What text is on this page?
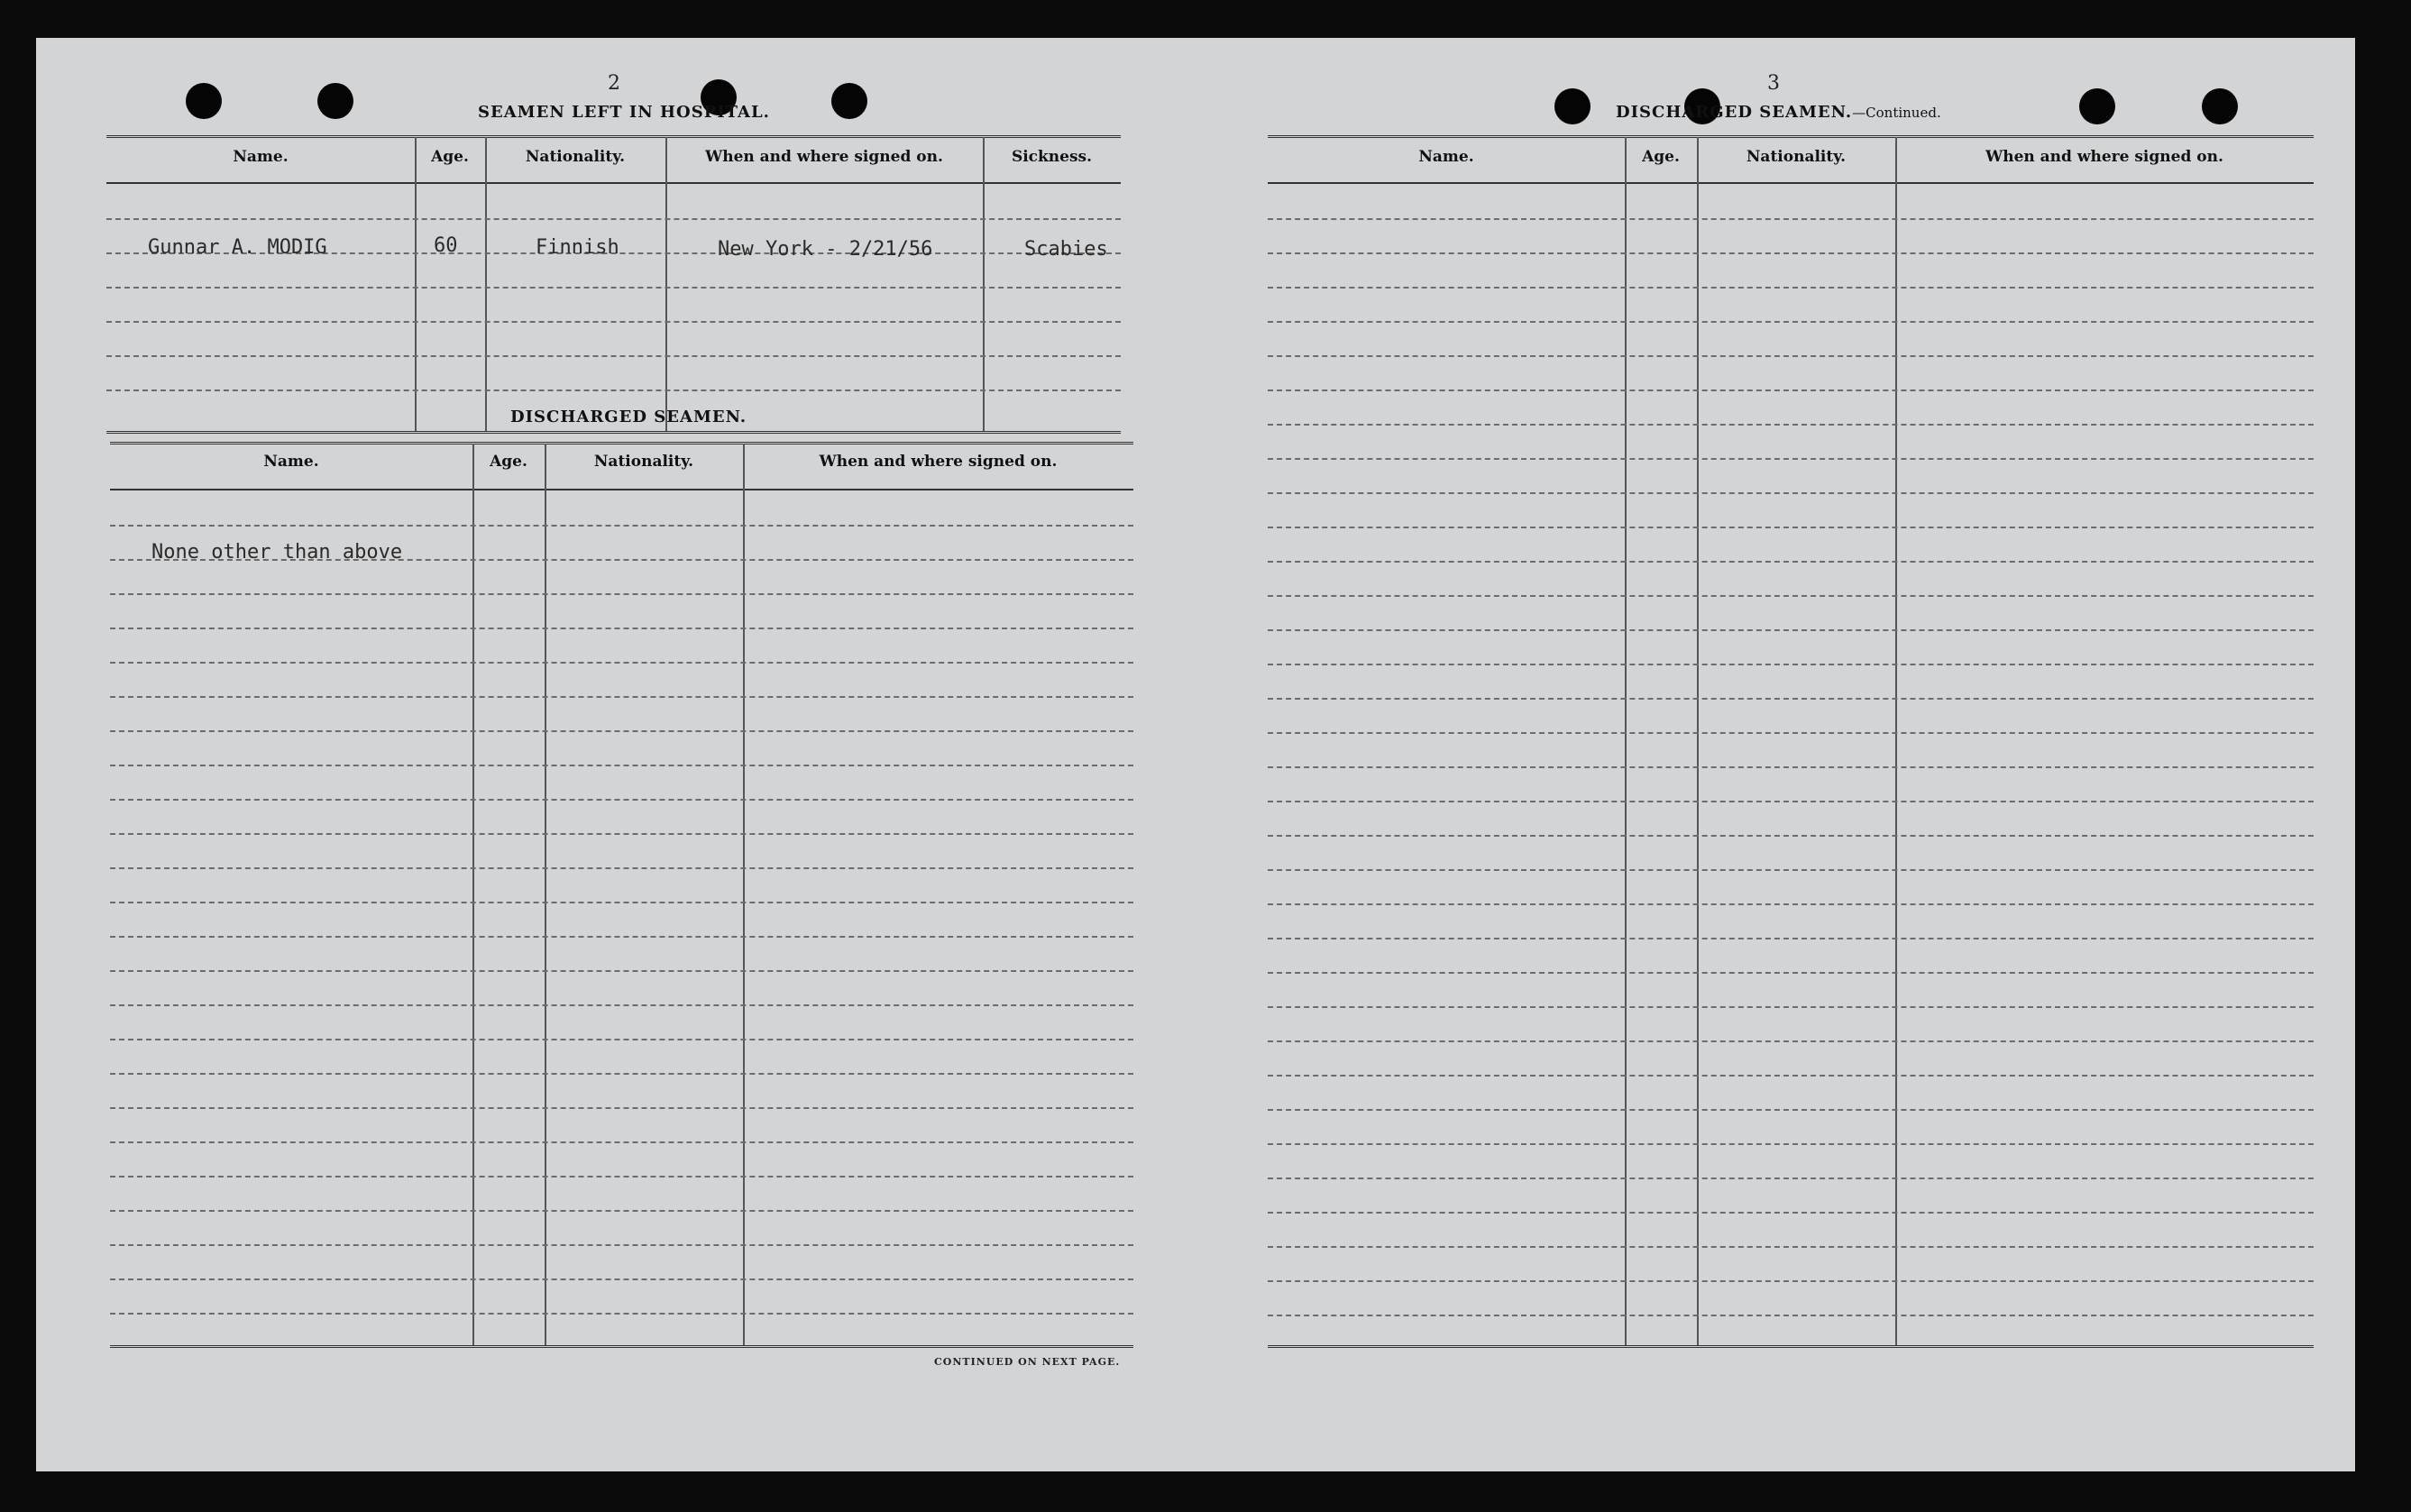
2
SEAMEN LEFT IN HOSPITAL.
Name.	Age.	Nationality.	When and where signed on.	Sickness.
Gunnar A. MODIG	60	Finnish	New York - 2/21/56	Scabies
DISCHARGED SEAMEN.
Name.	Age.	Nationality.	When and where signed on.
None other than above
CONTINUED ON NEXT PAGE.
3
DISCHARGED SEAMEN.—Continued.
Name.	Age.	Nationality.	When and where signed on.
